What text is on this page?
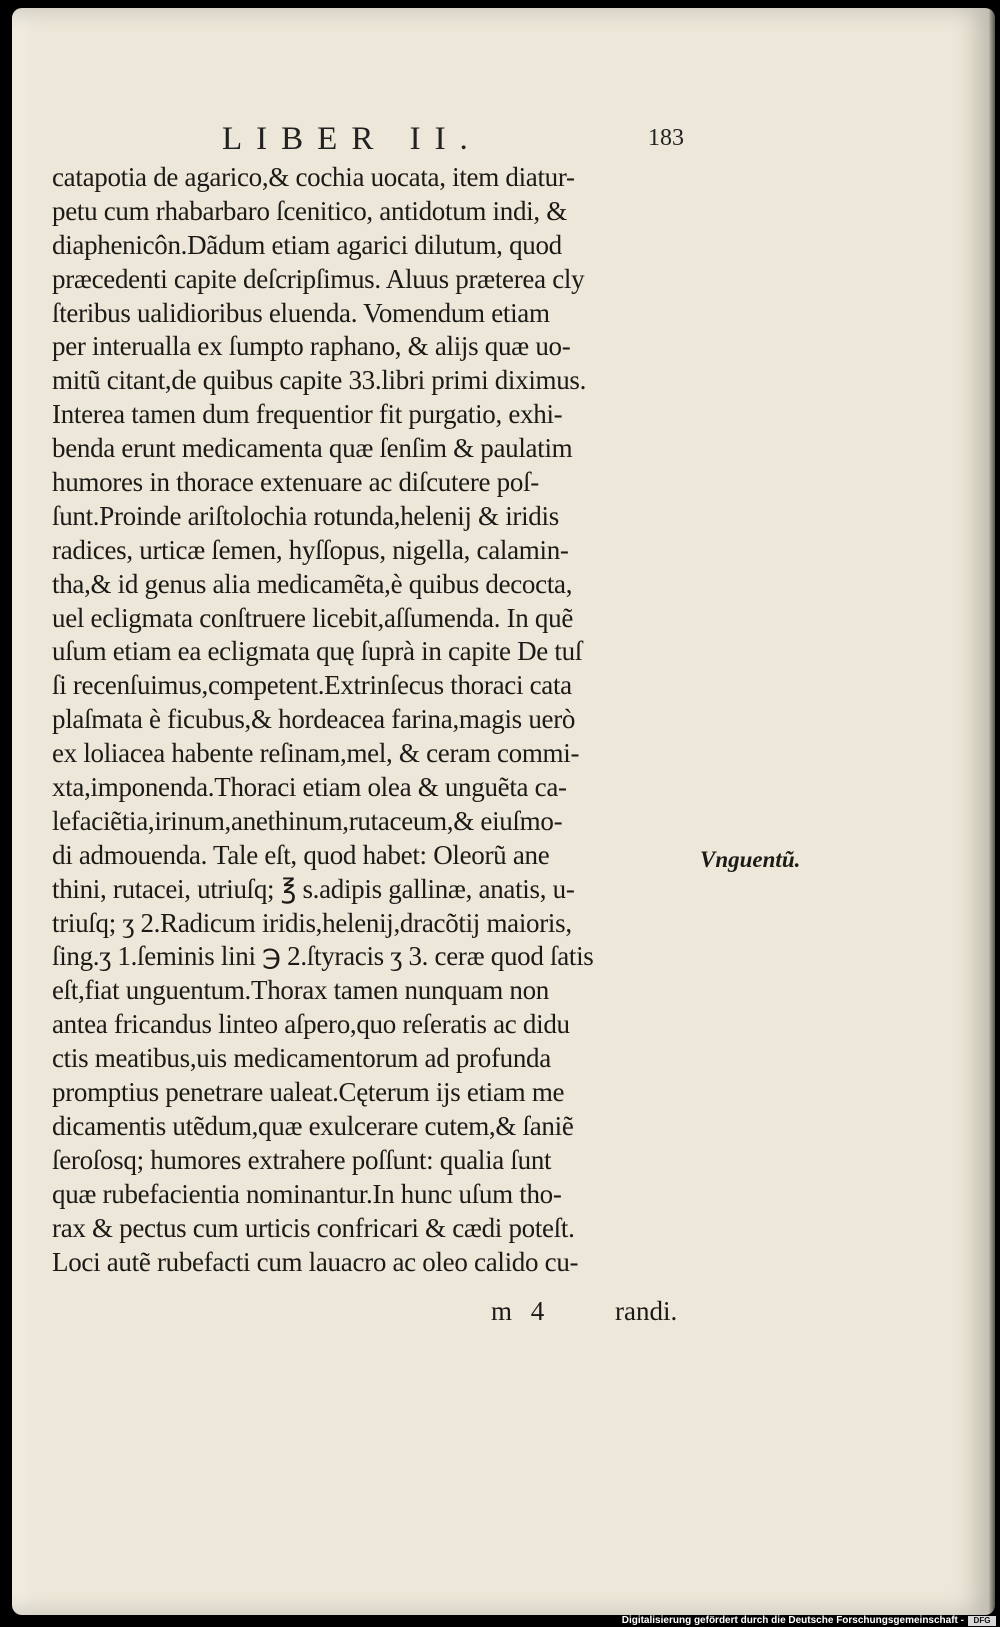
LIBER II.	183
catapotia de agarico,& cochia uocata, item diatur-
petu cum rhabarbaro ſcenitico, antidotum indi, &
diaphenicôn.Dãdum etiam agarici dilutum, quod
præcedenti capite deſcripſimus. Aluus præterea cly
ſteribus ualidioribus eluenda. Vomendum etiam
per interualla ex ſumpto raphano, & alijs quæ uo-
mitũ citant,de quibus capite 33.libri primi diximus.
Interea tamen dum frequentior fit purgatio, exhi-
benda erunt medicamenta quæ ſenſim & paulatim
humores in thorace extenuare ac diſcutere poſ-
ſunt.Proinde ariſtolochia rotunda,helenij & iridis
radices, urticæ ſemen, hyſſopus, nigella, calamin-
tha,& id genus alia medicamẽta,è quibus decocta,
uel ecligmata conſtruere licebit,aſſumenda. In quẽ
uſum etiam ea ecligmata quę ſuprà in capite De tuſ
ſi recenſuimus,competent.Extrinſecus thoraci cata
plaſmata è ficubus,& hordeacea farina,magis uerò
ex loliacea habente reſinam,mel, & ceram commi-
xta,imponenda.Thoraci etiam olea & unguẽta ca-
lefaciẽtia,irinum,anethinum,rutaceum,& eiuſmo-
di admouenda. Tale eſt, quod habet: Oleorũ ane
thini, rutacei, utriuſq; ℥ s.adipis gallinæ, anatis, u-
triuſq; ʒ 2.Radicum iridis,helenij,dracõtij maioris,
ſing.ʒ 1.ſeminis lini ℈ 2.ſtyracis ʒ 3. ceræ quod ſatis
eſt,fiat unguentum.Thorax tamen nunquam non
antea fricandus linteo aſpero,quo reſeratis ac didu
ctis meatibus,uis medicamentorum ad profunda
promptius penetrare ualeat.Cęterum ijs etiam me
dicamentis utẽdum,quæ exulcerare cutem,& ſaniẽ
ſeroſosq; humores extrahere poſſunt: qualia ſunt
quæ rubefacientia nominantur.In hunc uſum tho-
rax & pectus cum urticis confricari & cædi poteſt.
Loci autẽ rubefacti cum lauacro ac oleo calido cu-
Vnguentũ.
m 4 randi.
Digitalisierung gefördert durch die Deutsche Forschungsgemeinschaft -	DFG
